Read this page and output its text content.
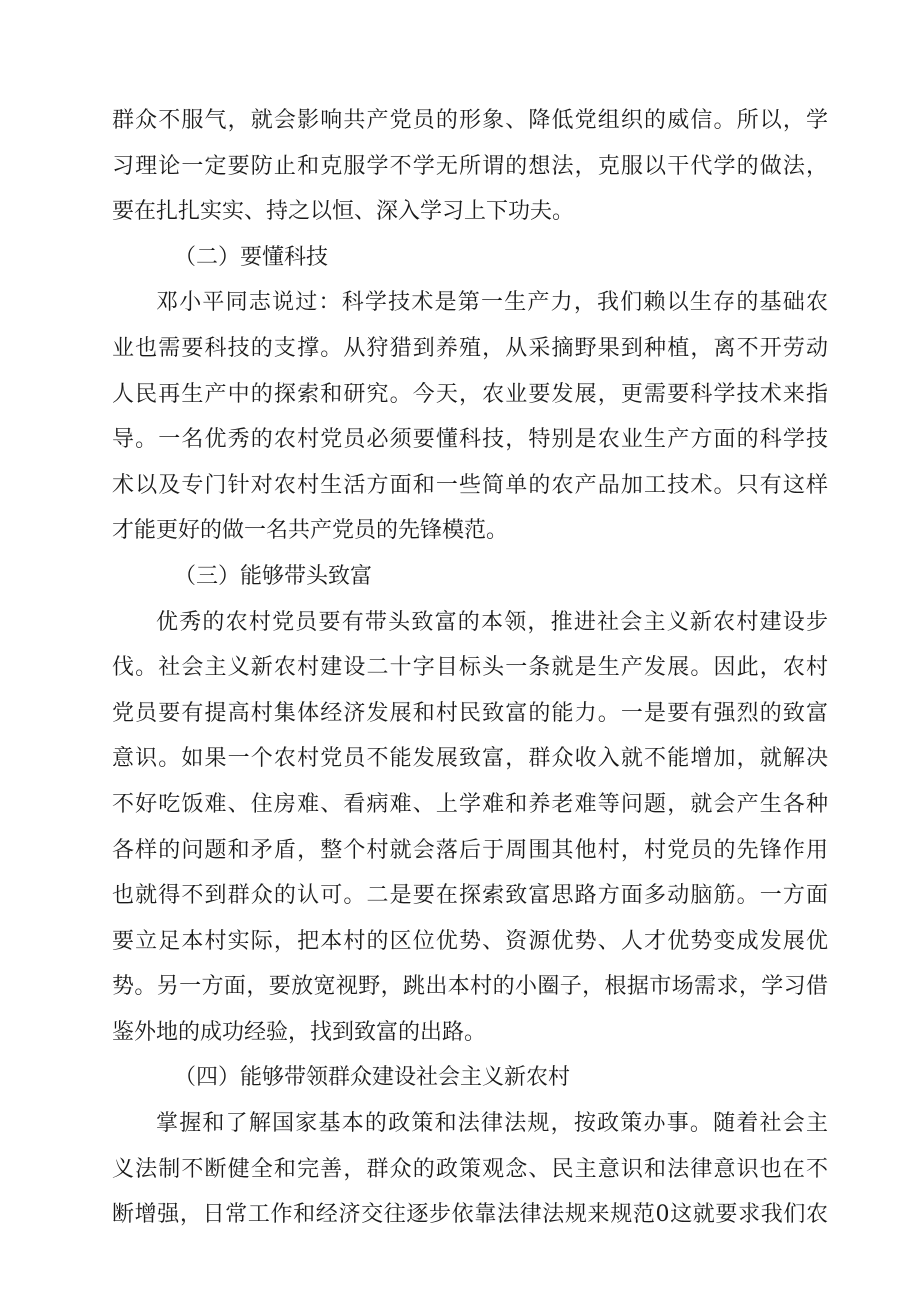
群众不服气，就会影响共产党员的形象、降低党组织的威信。所以，学
习理论一定要防止和克服学不学无所谓的想法，克服以干代学的做法，
要在扎扎实实、持之以恒、深入学习上下功夫。
（二）要懂科技
邓小平同志说过：科学技术是第一生产力，我们赖以生存的基础农
业也需要科技的支撑。从狩猎到养殖，从采摘野果到种植，离不开劳动
人民再生产中的探索和研究。今天，农业要发展，更需要科学技术来指
导。一名优秀的农村党员必须要懂科技，特别是农业生产方面的科学技
术以及专门针对农村生活方面和一些简单的农产品加工技术。只有这样
才能更好的做一名共产党员的先锋模范。
（三）能够带头致富
优秀的农村党员要有带头致富的本领，推进社会主义新农村建设步
伐。社会主义新农村建设二十字目标头一条就是生产发展。因此，农村
党员要有提高村集体经济发展和村民致富的能力。一是要有强烈的致富
意识。如果一个农村党员不能发展致富，群众收入就不能增加，就解决
不好吃饭难、住房难、看病难、上学难和养老难等问题，就会产生各种
各样的问题和矛盾，整个村就会落后于周围其他村，村党员的先锋作用
也就得不到群众的认可。二是要在探索致富思路方面多动脑筋。一方面
要立足本村实际，把本村的区位优势、资源优势、人才优势变成发展优
势。另一方面，要放宽视野，跳出本村的小圈子，根据市场需求，学习借
鉴外地的成功经验，找到致富的出路。
（四）能够带领群众建设社会主义新农村
掌握和了解国家基本的政策和法律法规，按政策办事。随着社会主
义法制不断健全和完善，群众的政策观念、民主意识和法律意识也在不
断增强，日常工作和经济交往逐步依靠法律法规来规范0这就要求我们农
